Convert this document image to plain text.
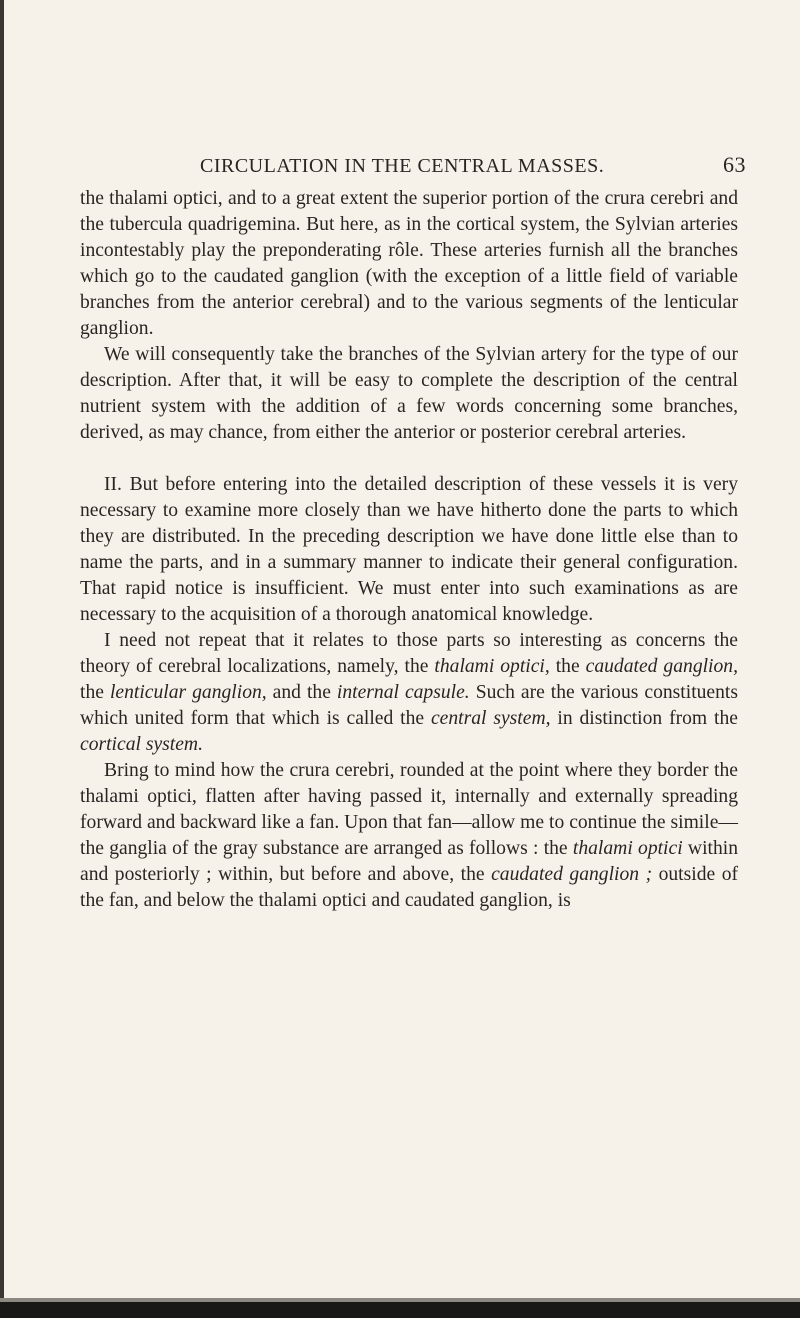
CIRCULATION IN THE CENTRAL MASSES.	63

the thalami optici, and to a great extent the superior portion of the crura cerebri and the tubercula quadrigemina. But here, as in the cortical system, the Sylvian arteries incontestably play the preponderating rôle. These arteries furnish all the branches which go to the caudated ganglion (with the exception of a little field of variable branches from the anterior cerebral) and to the various segments of the lenticular ganglion.

We will consequently take the branches of the Sylvian artery for the type of our description. After that, it will be easy to complete the description of the central nutrient system with the addition of a few words concerning some branches, derived, as may chance, from either the anterior or posterior cerebral arteries.

II. But before entering into the detailed description of these vessels it is very necessary to examine more closely than we have hitherto done the parts to which they are distributed. In the preceding description we have done little else than to name the parts, and in a summary manner to indicate their general configuration. That rapid notice is insufficient. We must enter into such examinations as are necessary to the acquisition of a thorough anatomical knowledge.

I need not repeat that it relates to those parts so interesting as concerns the theory of cerebral localizations, namely, the thalami optici, the caudated ganglion, the lenticular ganglion, and the internal capsule. Such are the various constituents which united form that which is called the central system, in distinction from the cortical system.

Bring to mind how the crura cerebri, rounded at the point where they border the thalami optici, flatten after having passed it, internally and externally spreading forward and backward like a fan. Upon that fan—allow me to continue the simile—the ganglia of the gray substance are arranged as follows : the thalami optici within and posteriorly ; within, but before and above, the caudated ganglion ; outside of the fan, and below the thalami optici and caudated ganglion, is
